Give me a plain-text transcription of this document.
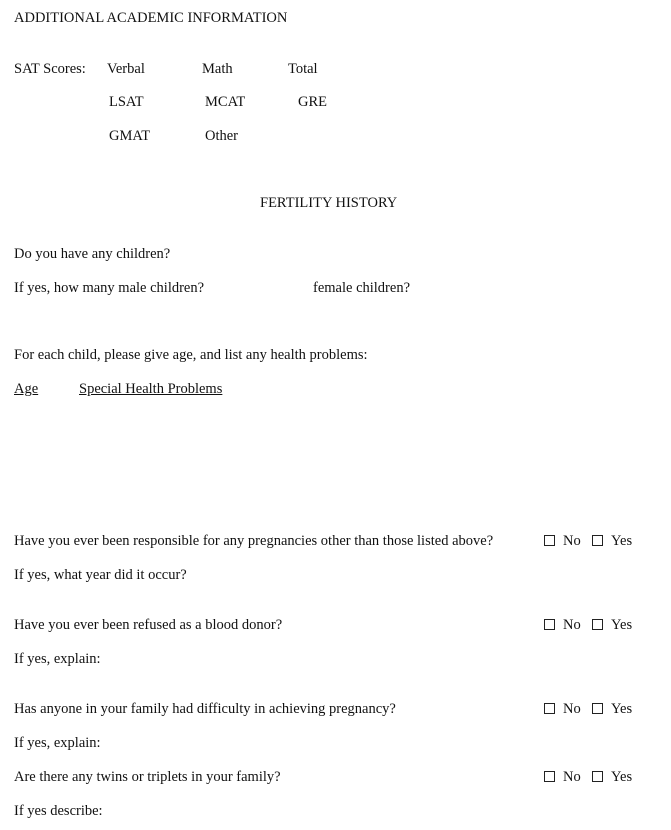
ADDITIONAL ACADEMIC INFORMATION
SAT Scores: Verbal	Math	Total
LSAT	MCAT	GRE
GMAT	Other
FERTILITY HISTORY
Do you have any children?
If yes, how many male children?	female children?
For each child, please give age, and list any health problems:
Age	Special Health Problems
Have you ever been responsible for any pregnancies other than those listed above?	No Yes
If yes, what year did it occur?
Have you ever been refused as a blood donor?	No Yes
If yes, explain:
Has anyone in your family had difficulty in achieving pregnancy?	No Yes
If yes, explain:
Are there any twins or triplets in your family?	No Yes
If yes describe:
